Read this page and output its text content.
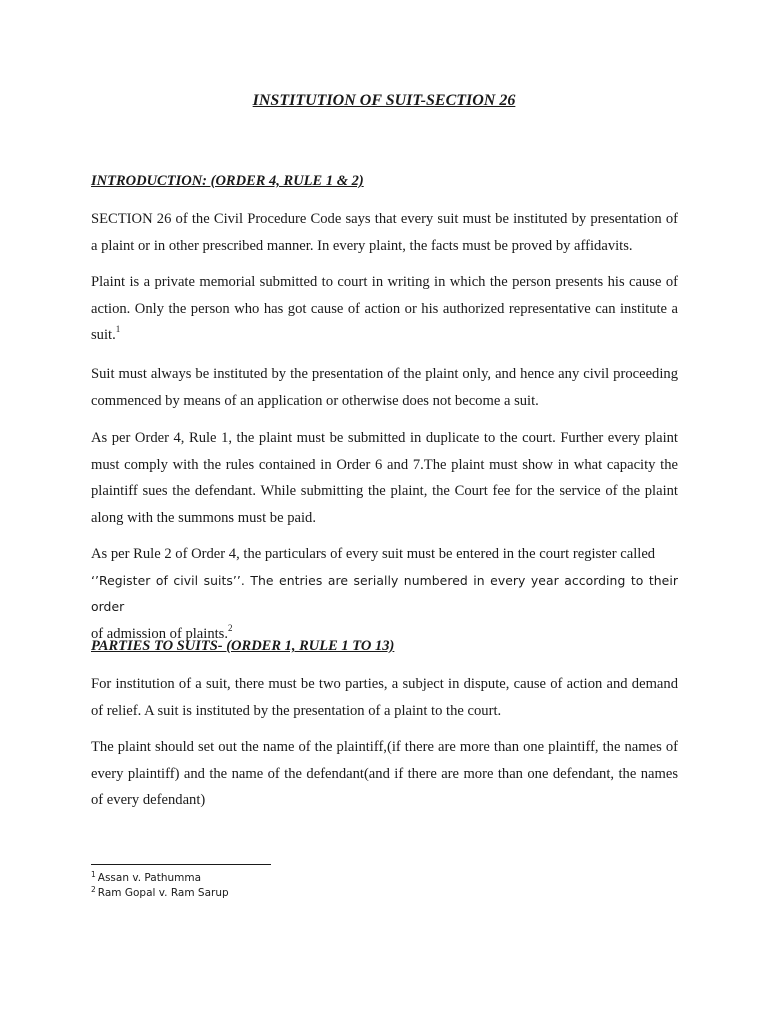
INSTITUTION OF SUIT-SECTION 26
INTRODUCTION: (ORDER 4, RULE 1 & 2)

SECTION 26 of the Civil Procedure Code says that every suit must be instituted by presentation of a plaint or in other prescribed manner. In every plaint, the facts must be proved by affidavits.

Plaint is a private memorial submitted to court in writing in which the person presents his cause of action. Only the person who has got cause of action or his authorized representative can institute a suit.$^1$

Suit must always be instituted by the presentation of the plaint only, and hence any civil proceeding commenced by means of an application or otherwise does not become a suit.

As per Order 4, Rule 1, the plaint must be submitted in duplicate to the court. Further every plaint must comply with the rules contained in Order 6 and 7.The plaint must show in what capacity the plaintiff sues the defendant. While submitting the plaint, the Court fee for the service of the plaint along with the summons must be paid.

As per Rule 2 of Order 4, the particulars of every suit must be entered in the court register called
‘’Register of civil suits’’. The entries are serially numbered in every year according to their order
of admission of plaints.$^2$

PARTIES TO SUITS- (ORDER 1, RULE 1 TO 13)

For institution of a suit, there must be two parties, a subject in dispute, cause of action and demand of relief. A suit is instituted by the presentation of a plaint to the court.

The plaint should set out the name of the plaintiff,(if there are more than one plaintiff, the names of every plaintiff) and the name of the defendant(and if there are more than one defendant, the names of every defendant)

$^1$ Assan v. Pathumma

$^2$ Ram Gopal v. Ram Sarup
